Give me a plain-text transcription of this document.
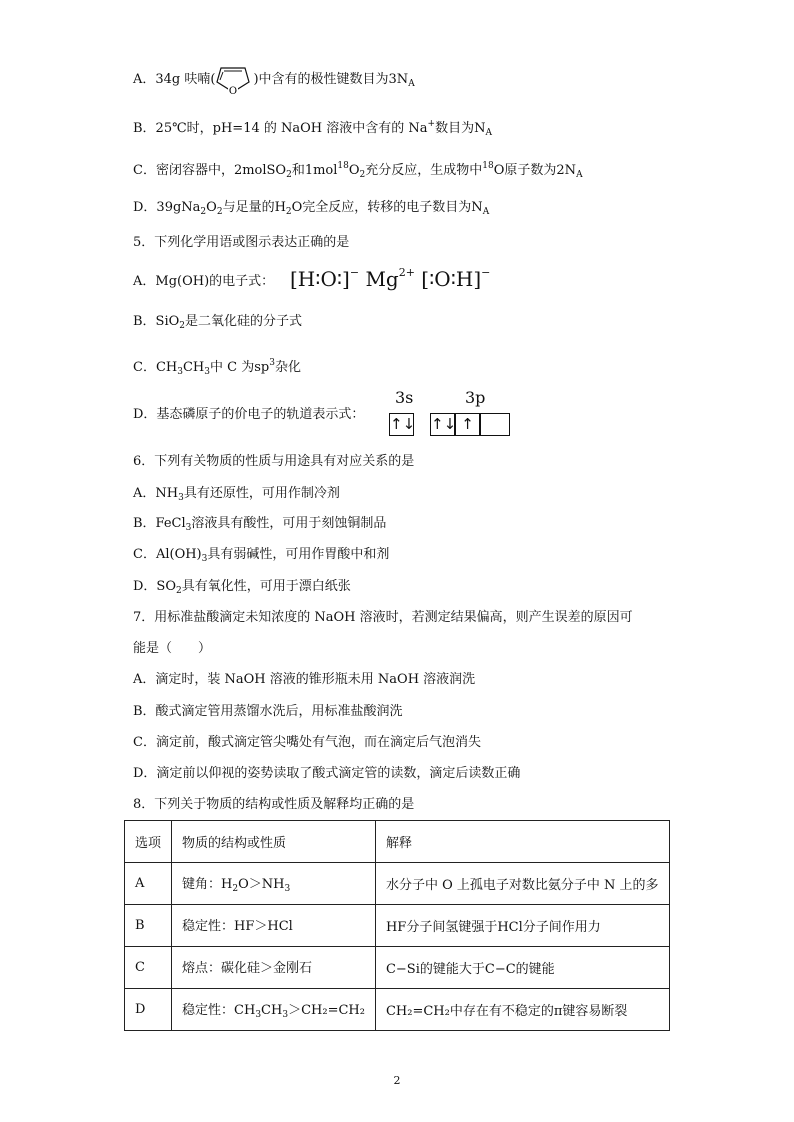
A．34g 呋喃(	)中含有的极性键数目为$3N_A$
O
B．25℃时，pH=14 的 NaOH 溶液中含有的 Na+数目为$N_A$
C．密闭容器中，2molSO$_2$和$1mol^{18}O_2$充分反应，生成物中$^{18}$O原子数为$2N_A$
D．$39gNa_2O_2$与足量的$H_2O$完全反应，转移的电子数目为$N_A$
5．下列化学用语或图示表达正确的是
A．Mg(OH)的电子式： [H∶O∶]− $Mg^{2+}$ [∶O∶H]−
B．SiO$_2$是二氧化硅的分子式
C．$CH_3CH_3$中 C 为$sp^3$杂化
D．基态磷原子的价电子的轨道表示式：
3s	3p
↑↓ ↑↓ ↑
6．下列有关物质的性质与用途具有对应关系的是
A．$NH_3$具有还原性，可用作制冷剂
B．FeCl$_3$溶液具有酸性，可用于刻蚀铜制品
C．$Al(OH)_3$具有弱碱性，可用作胃酸中和剂
D．$SO_2$具有氧化性，可用于漂白纸张
7．用标准盐酸滴定未知浓度的 NaOH 溶液时，若测定结果偏高，则产生误差的原因可
能是（　　）
A．滴定时，装 NaOH 溶液的锥形瓶未用 NaOH 溶液润洗
B．酸式滴定管用蒸馏水洗后，用标准盐酸润洗
C．滴定前，酸式滴定管尖嘴处有气泡，而在滴定后气泡消失
D．滴定前以仰视的姿势读取了酸式滴定管的读数，滴定后读数正确
8．下列关于物质的结构或性质及解释均正确的是
选项	物质的结构或性质	解释
A	键角：$H_2O>NH_3$	水分子中 O 上孤电子对数比氨分子中 N 上的多
B	稳定性：HF＞HCl	HF分子间氢键强于HCl分子间作用力
C	熔点：碳化硅＞金刚石	C−Si的键能大于C−C的键能
D	稳定性：$CH_3CH_3>CH_2=CH_2$	CH₂=CH₂中存在有不稳定的π键容易断裂
2
